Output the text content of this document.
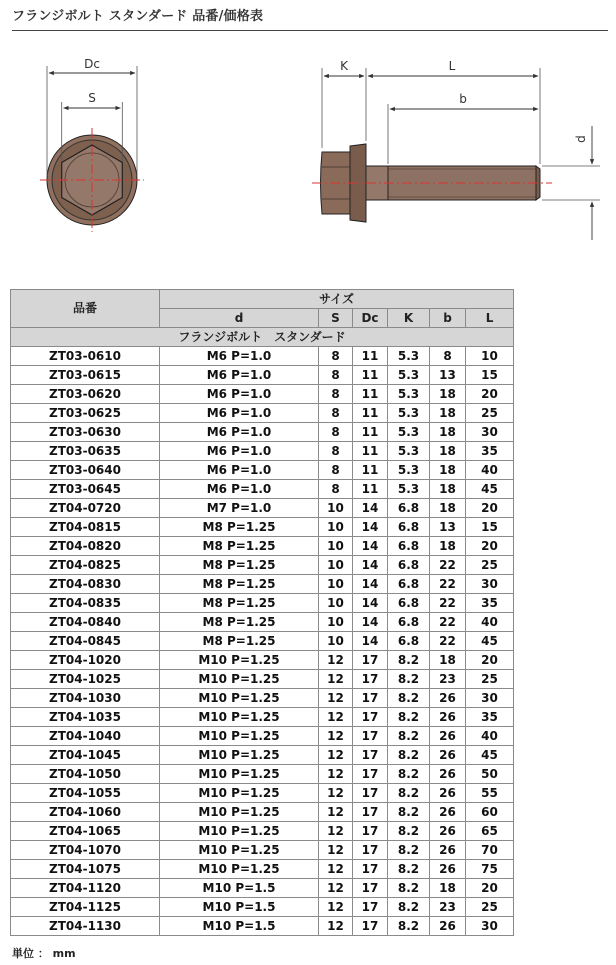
フランジボルト スタンダード 品番/価格表
Dc
S
K	L
b
d
品番	サイズ					
	d	S	Dc	K	b	L
フランジボルト　スタンダード						
ZT03-0610	M6 P=1.0	8	11	5.3	8	10
ZT03-0615	M6 P=1.0	8	11	5.3	13	15
ZT03-0620	M6 P=1.0	8	11	5.3	18	20
ZT03-0625	M6 P=1.0	8	11	5.3	18	25
ZT03-0630	M6 P=1.0	8	11	5.3	18	30
ZT03-0635	M6 P=1.0	8	11	5.3	18	35
ZT03-0640	M6 P=1.0	8	11	5.3	18	40
ZT03-0645	M6 P=1.0	8	11	5.3	18	45
ZT04-0720	M7 P=1.0	10	14	6.8	18	20
ZT04-0815	M8 P=1.25	10	14	6.8	13	15
ZT04-0820	M8 P=1.25	10	14	6.8	18	20
ZT04-0825	M8 P=1.25	10	14	6.8	22	25
ZT04-0830	M8 P=1.25	10	14	6.8	22	30
ZT04-0835	M8 P=1.25	10	14	6.8	22	35
ZT04-0840	M8 P=1.25	10	14	6.8	22	40
ZT04-0845	M8 P=1.25	10	14	6.8	22	45
ZT04-1020	M10 P=1.25	12	17	8.2	18	20
ZT04-1025	M10 P=1.25	12	17	8.2	23	25
ZT04-1030	M10 P=1.25	12	17	8.2	26	30
ZT04-1035	M10 P=1.25	12	17	8.2	26	35
ZT04-1040	M10 P=1.25	12	17	8.2	26	40
ZT04-1045	M10 P=1.25	12	17	8.2	26	45
ZT04-1050	M10 P=1.25	12	17	8.2	26	50
ZT04-1055	M10 P=1.25	12	17	8.2	26	55
ZT04-1060	M10 P=1.25	12	17	8.2	26	60
ZT04-1065	M10 P=1.25	12	17	8.2	26	65
ZT04-1070	M10 P=1.25	12	17	8.2	26	70
ZT04-1075	M10 P=1.25	12	17	8.2	26	75
ZT04-1120	M10 P=1.5	12	17	8.2	18	20
ZT04-1125	M10 P=1.5	12	17	8.2	23	25
ZT04-1130	M10 P=1.5	12	17	8.2	26	30
単位 ： mm
